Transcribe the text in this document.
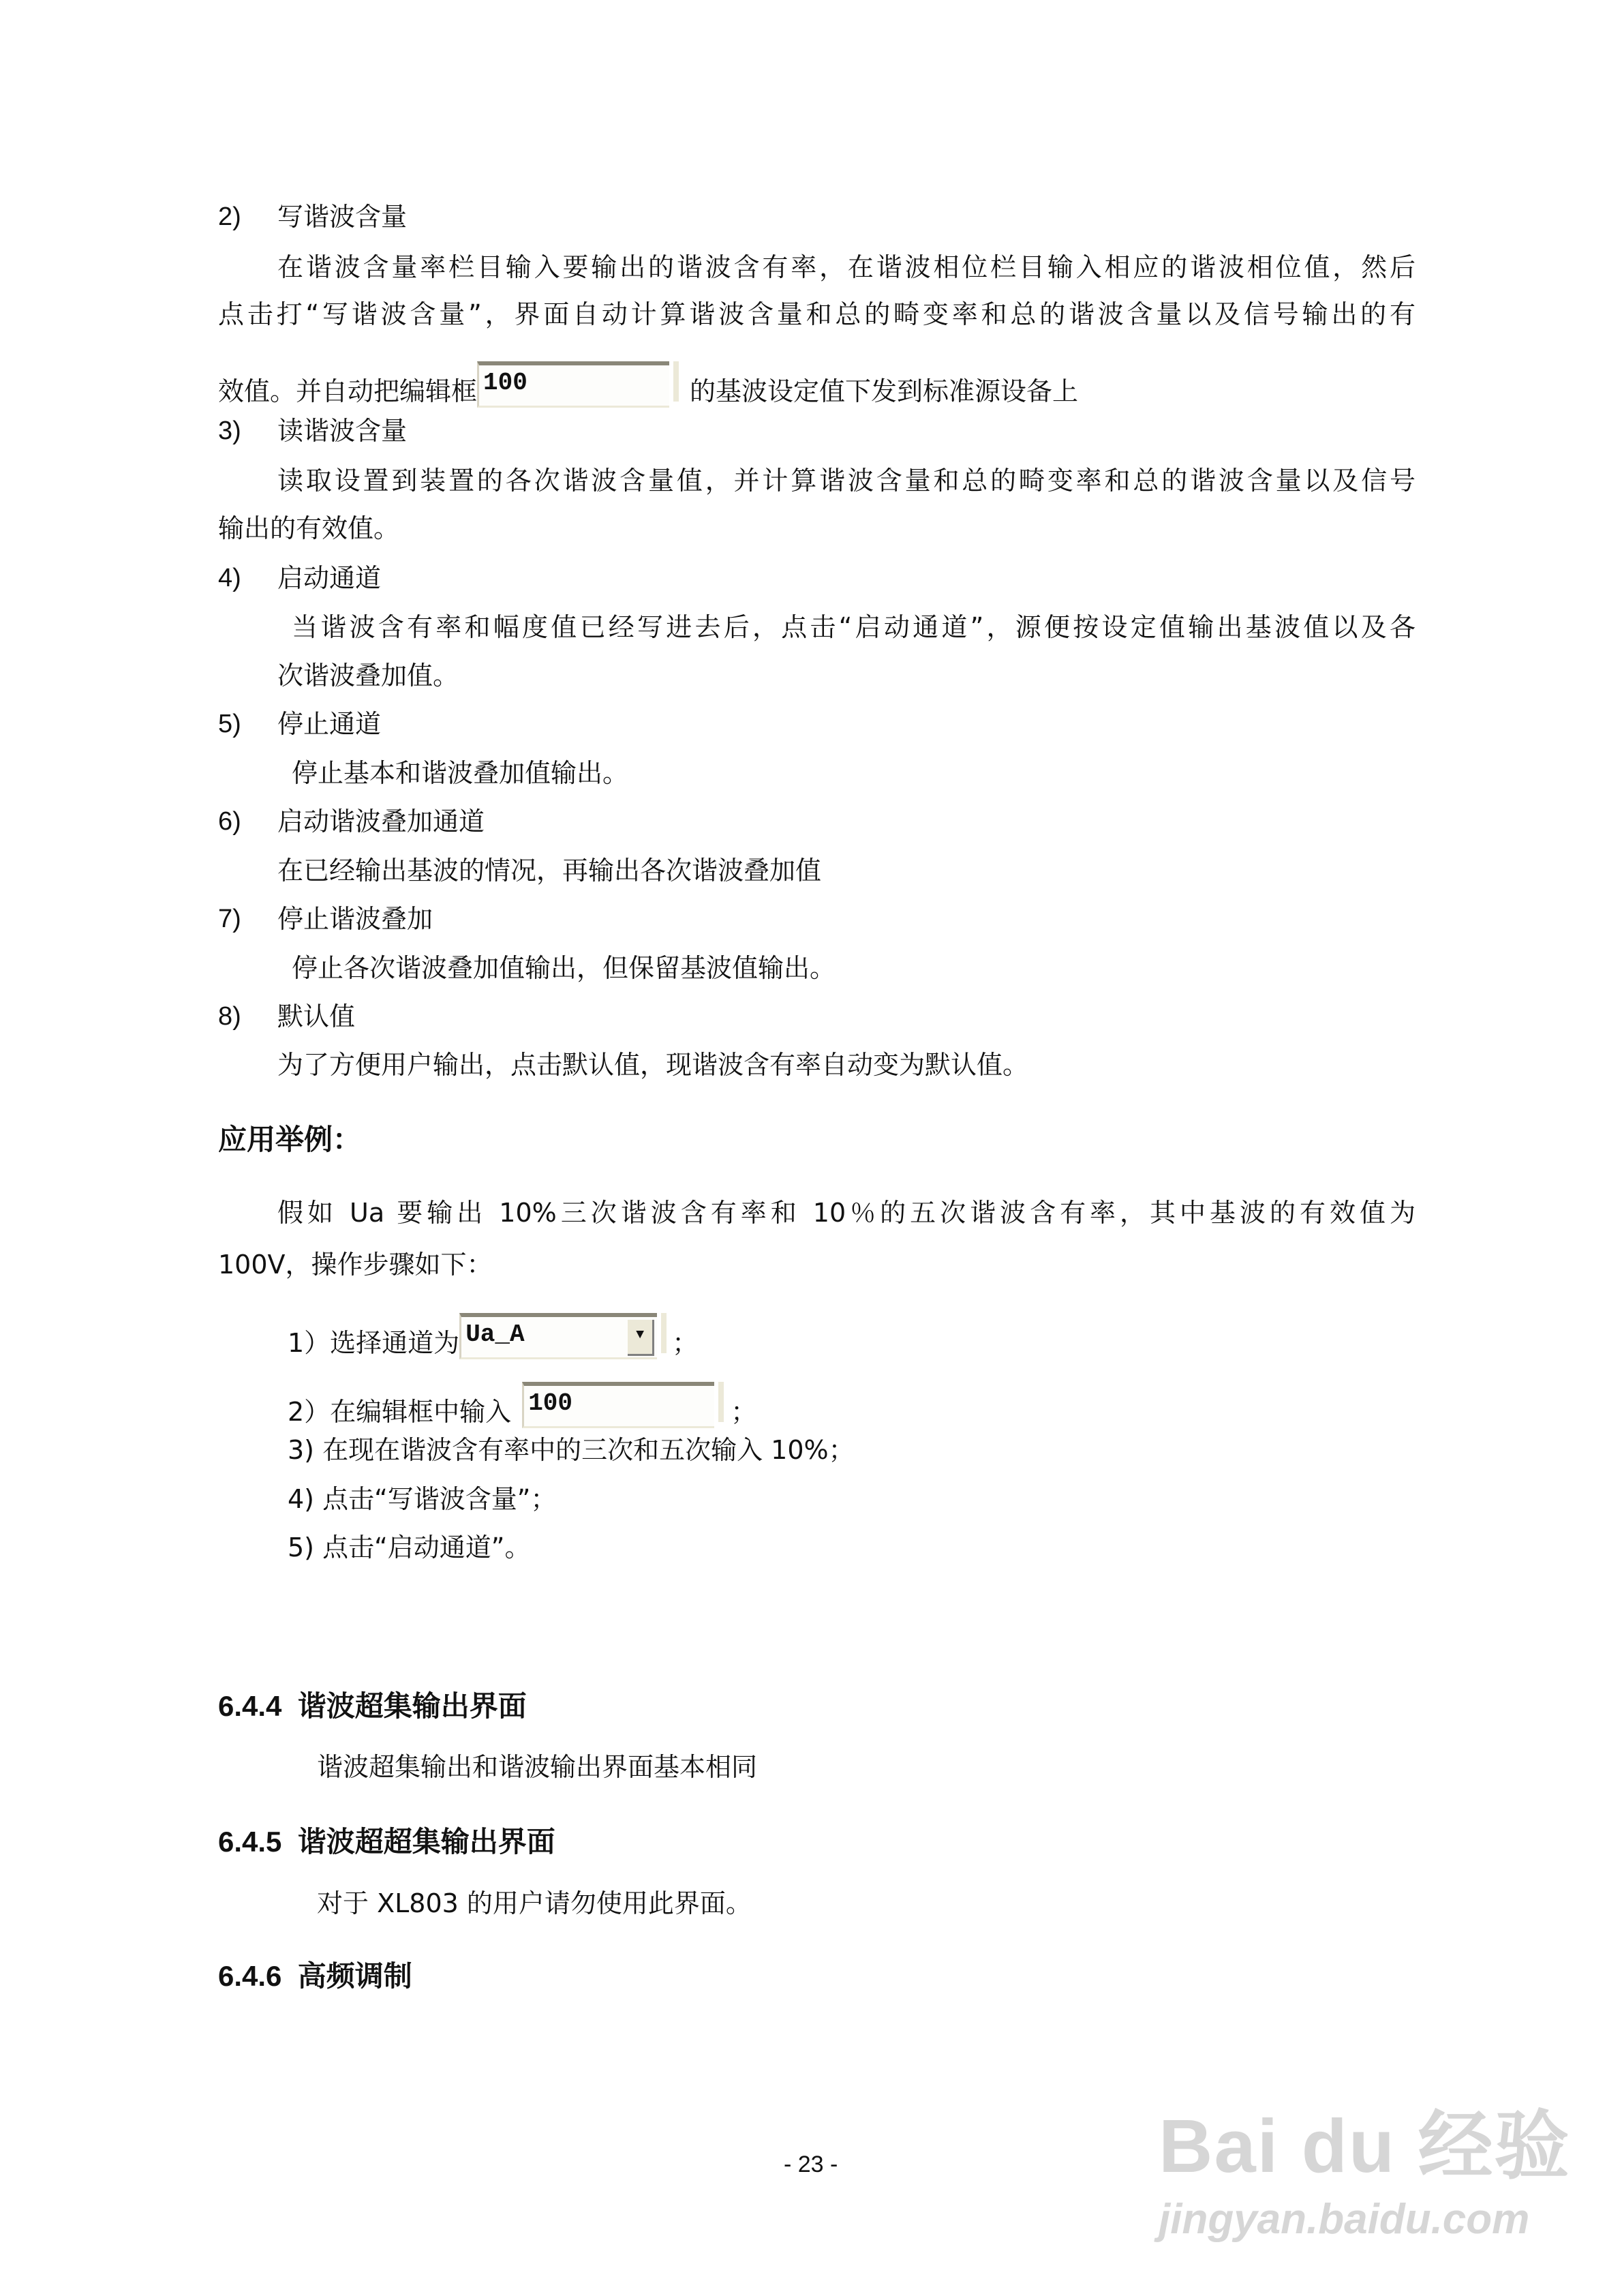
2) 写谐波含量
在谐波含量率栏目输入要输出的谐波含有率，在谐波相位栏目输入相应的谐波相位值，然后
点击打“写谐波含量”，界面自动计算谐波含量和总的畸变率和总的谐波含量以及信号输出的有
效值。并自动把编辑框 100	的基波设定值下发到标准源设备上
3) 读谐波含量
读取设置到装置的各次谐波含量值，并计算谐波含量和总的畸变率和总的谐波含量以及信号
输出的有效值。
4) 启动通道
当谐波含有率和幅度值已经写进去后，点击“启动通道”，源便按设定值输出基波值以及各
次谐波叠加值。
5) 停止通道
停止基本和谐波叠加值输出。
6) 启动谐波叠加通道
在已经输出基波的情况，再输出各次谐波叠加值
7) 停止谐波叠加
停止各次谐波叠加值输出，但保留基波值输出。
8) 默认值
为了方便用户输出，点击默认值，现谐波含有率自动变为默认值。
应用举例：
假如 Ua 要输出 10%三次谐波含有率和 10％的五次谐波含有率，其中基波的有效值为
100V，操作步骤如下：
1）选择通道为 Ua_A	▼	；
2）在编辑框中输入 100	；
3) 在现在谐波含有率中的三次和五次输入 10%；
4) 点击“写谐波含量”；
5) 点击“启动通道”。
6.4.4 谐波超集输出界面
谐波超集输出和谐波输出界面基本相同
6.4.5 谐波超超集输出界面
对于 XL803 的用户请勿使用此界面。
6.4.6 高频调制
- 23 -	Bai du 经验
jingyan.baidu.com
